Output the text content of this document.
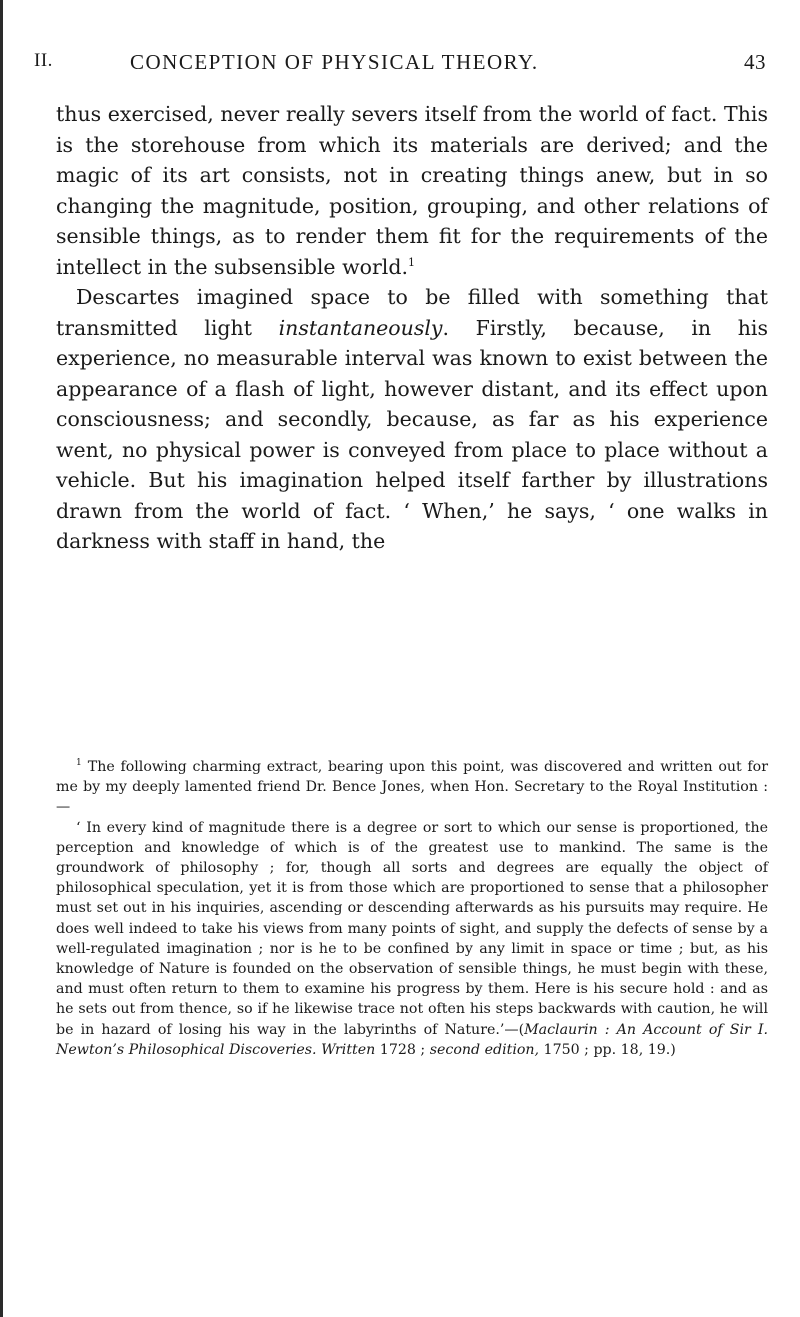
II.	CONCEPTION OF PHYSICAL THEORY.	43

thus exercised, never really severs itself from the world of fact. This is the storehouse from which its materials are derived; and the magic of its art consists, not in creating things anew, but in so changing the magnitude, position, grouping, and other relations of sensible things, as to render them fit for the requirements of the intellect in the subsensible world.$^1$

Descartes imagined space to be filled with something that transmitted light instantaneously. Firstly, because, in his experience, no measurable interval was known to exist between the appearance of a flash of light, however distant, and its effect upon consciousness; and secondly, because, as far as his experience went, no physical power is conveyed from place to place without a vehicle. But his imagination helped itself farther by illustrations drawn from the world of fact. ‘ When,’ he says, ‘ one walks in darkness with staff in hand, the

$^1$ The following charming extract, bearing upon this point, was discovered and written out for me by my deeply lamented friend Dr. Bence Jones, when Hon. Secretary to the Royal Institution :—

‘ In every kind of magnitude there is a degree or sort to which our sense is proportioned, the perception and knowledge of which is of the greatest use to mankind. The same is the groundwork of philosophy ; for, though all sorts and degrees are equally the object of philosophical speculation, yet it is from those which are proportioned to sense that a philosopher must set out in his inquiries, ascending or descending afterwards as his pursuits may require. He does well indeed to take his views from many points of sight, and supply the defects of sense by a well-regulated imagination ; nor is he to be confined by any limit in space or time ; but, as his knowledge of Nature is founded on the observation of sensible things, he must begin with these, and must often return to them to examine his progress by them. Here is his secure hold : and as he sets out from thence, so if he likewise trace not often his steps backwards with caution, he will be in hazard of losing his way in the labyrinths of Nature.’—(Maclaurin : An Account of Sir I. Newton’s Philosophical Discoveries. Written 1728 ; second edition, 1750 ; pp. 18, 19.)
